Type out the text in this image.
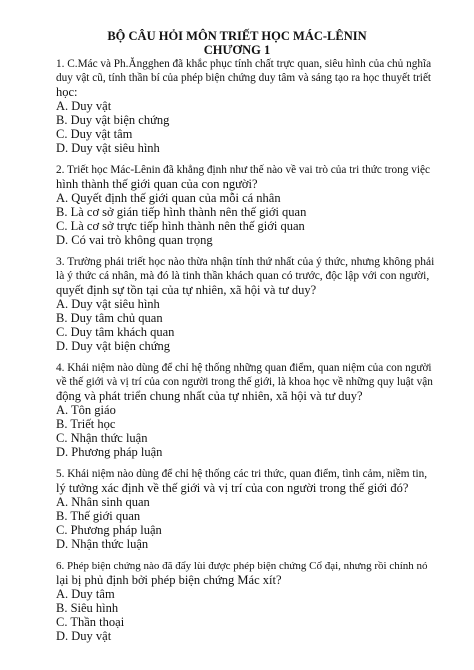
BỘ CÂU HỎI MÔN TRIẾT HỌC MÁC-LÊNIN
CHƯƠNG 1
1. C.Mác và Ph.Ăngghen đã khắc phục tính chất trực quan, siêu hình của chủ nghĩa
duy vật cũ, tính thần bí của phép biện chứng duy tâm và sáng tạo ra học thuyết triết
học:
A. Duy vật
B. Duy vật biện chứng
C. Duy vật tâm
D. Duy vật siêu hình
2. Triết học Mác-Lênin đã khẳng định như thế nào về vai trò của tri thức trong việc
hình thành thế giới quan của con người?
A. Quyết định thế giới quan của mỗi cá nhân
B. Là cơ sở gián tiếp hình thành nên thế giới quan
C. Là cơ sở trực tiếp hình thành nên thế giới quan
D. Có vai trò không quan trọng
3. Trường phái triết học nào thừa nhận tính thứ nhất của ý thức, nhưng không phải
là ý thức cá nhân, mà đó là tinh thần khách quan có trước, độc lập với con người,
quyết định sự tồn tại của tự nhiên, xã hội và tư duy?
A. Duy vật siêu hình
B. Duy tâm chủ quan
C. Duy tâm khách quan
D. Duy vật biện chứng
4. Khái niệm nào dùng để chỉ hệ thống những quan điểm, quan niệm của con người
về thế giới và vị trí của con người trong thế giới, là khoa học về những quy luật vận
động và phát triển chung nhất của tự nhiên, xã hội và tư duy?
A. Tôn giáo
B. Triết học
C. Nhận thức luận
D. Phương pháp luận
5. Khái niệm nào dùng để chỉ hệ thống các tri thức, quan điểm, tình cảm, niềm tin,
lý tưởng xác định về thế giới và vị trí của con người trong thế giới đó?
A. Nhân sinh quan
B. Thế giới quan
C. Phương pháp luận
D. Nhận thức luận
6. Phép biện chứng nào đã đẩy lùi được phép biện chứng Cổ đại, nhưng rồi chính nó
lại bị phủ định bởi phép biện chứng Mác xít?
A. Duy tâm
B. Siêu hình
C. Thần thoại
D. Duy vật
